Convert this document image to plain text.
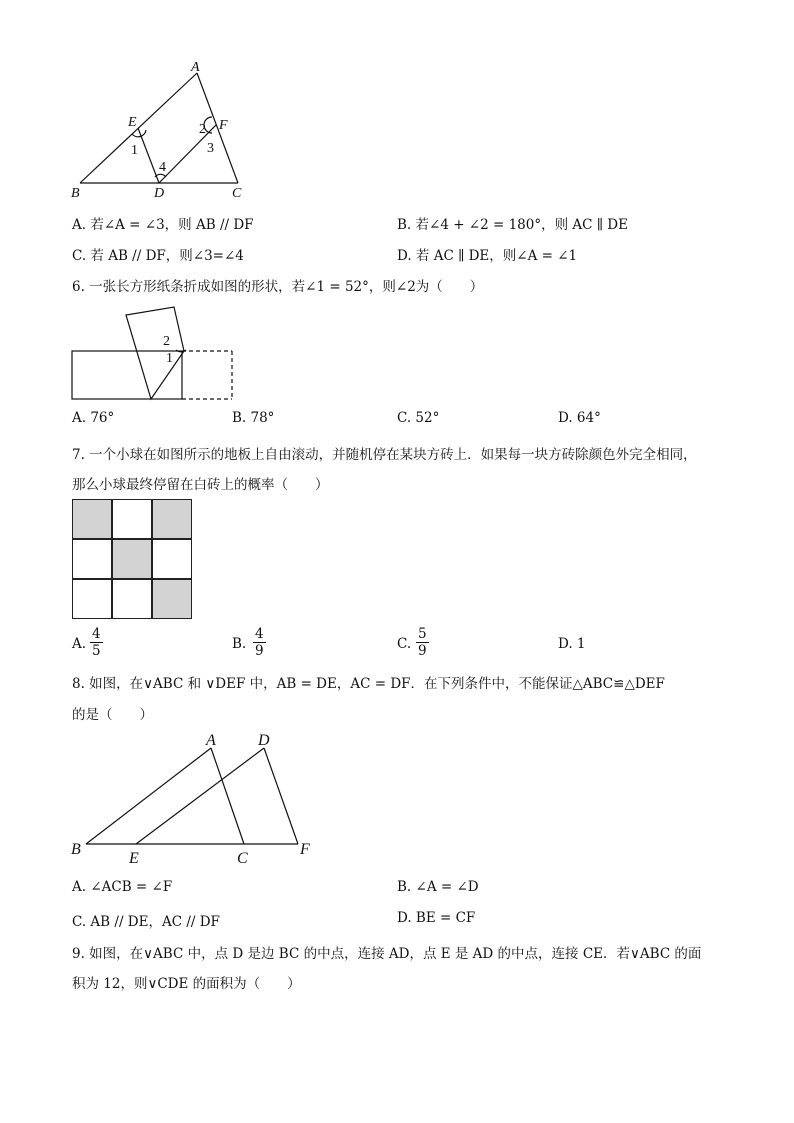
A
E	F
B	D	C
1
2
3
4
A. 若∠A = ∠3，则 AB // DF	B. 若∠4 + ∠2 = 180°，则 AC ∥ DE
C. 若 AB // DF，则∠3=∠4	D. 若 AC ∥ DE，则∠A = ∠1
6. 一张长方形纸条折成如图的形状，若∠1 = 52°，则∠2为（　　）
2
1
A. 76°	B. 78°	C. 52°	D. 64°
7. 一个小球在如图所示的地板上自由滚动，并随机停在某块方砖上．如果每一块方砖除颜色外完全相同，
那么小球最终停留在白砖上的概率（　　）
A. $\frac{4}{5}$	B. $\frac{4}{9}$	C. $\frac{5}{9}$	D. 1
8. 如图，在∨ABC 和 ∨DEF 中，AB = DE，AC = DF．在下列条件中，不能保证△ABC≌△DEF
的是（　　）
A	D
B
E	C
F
A. ∠ACB = ∠F	B. ∠A = ∠D
C. AB // DE，AC // DF	D. BE = CF
9. 如图，在∨ABC 中，点 D 是边 BC 的中点，连接 AD，点 E 是 AD 的中点，连接 CE．若∨ABC 的面
积为 12，则∨CDE 的面积为（　　）
